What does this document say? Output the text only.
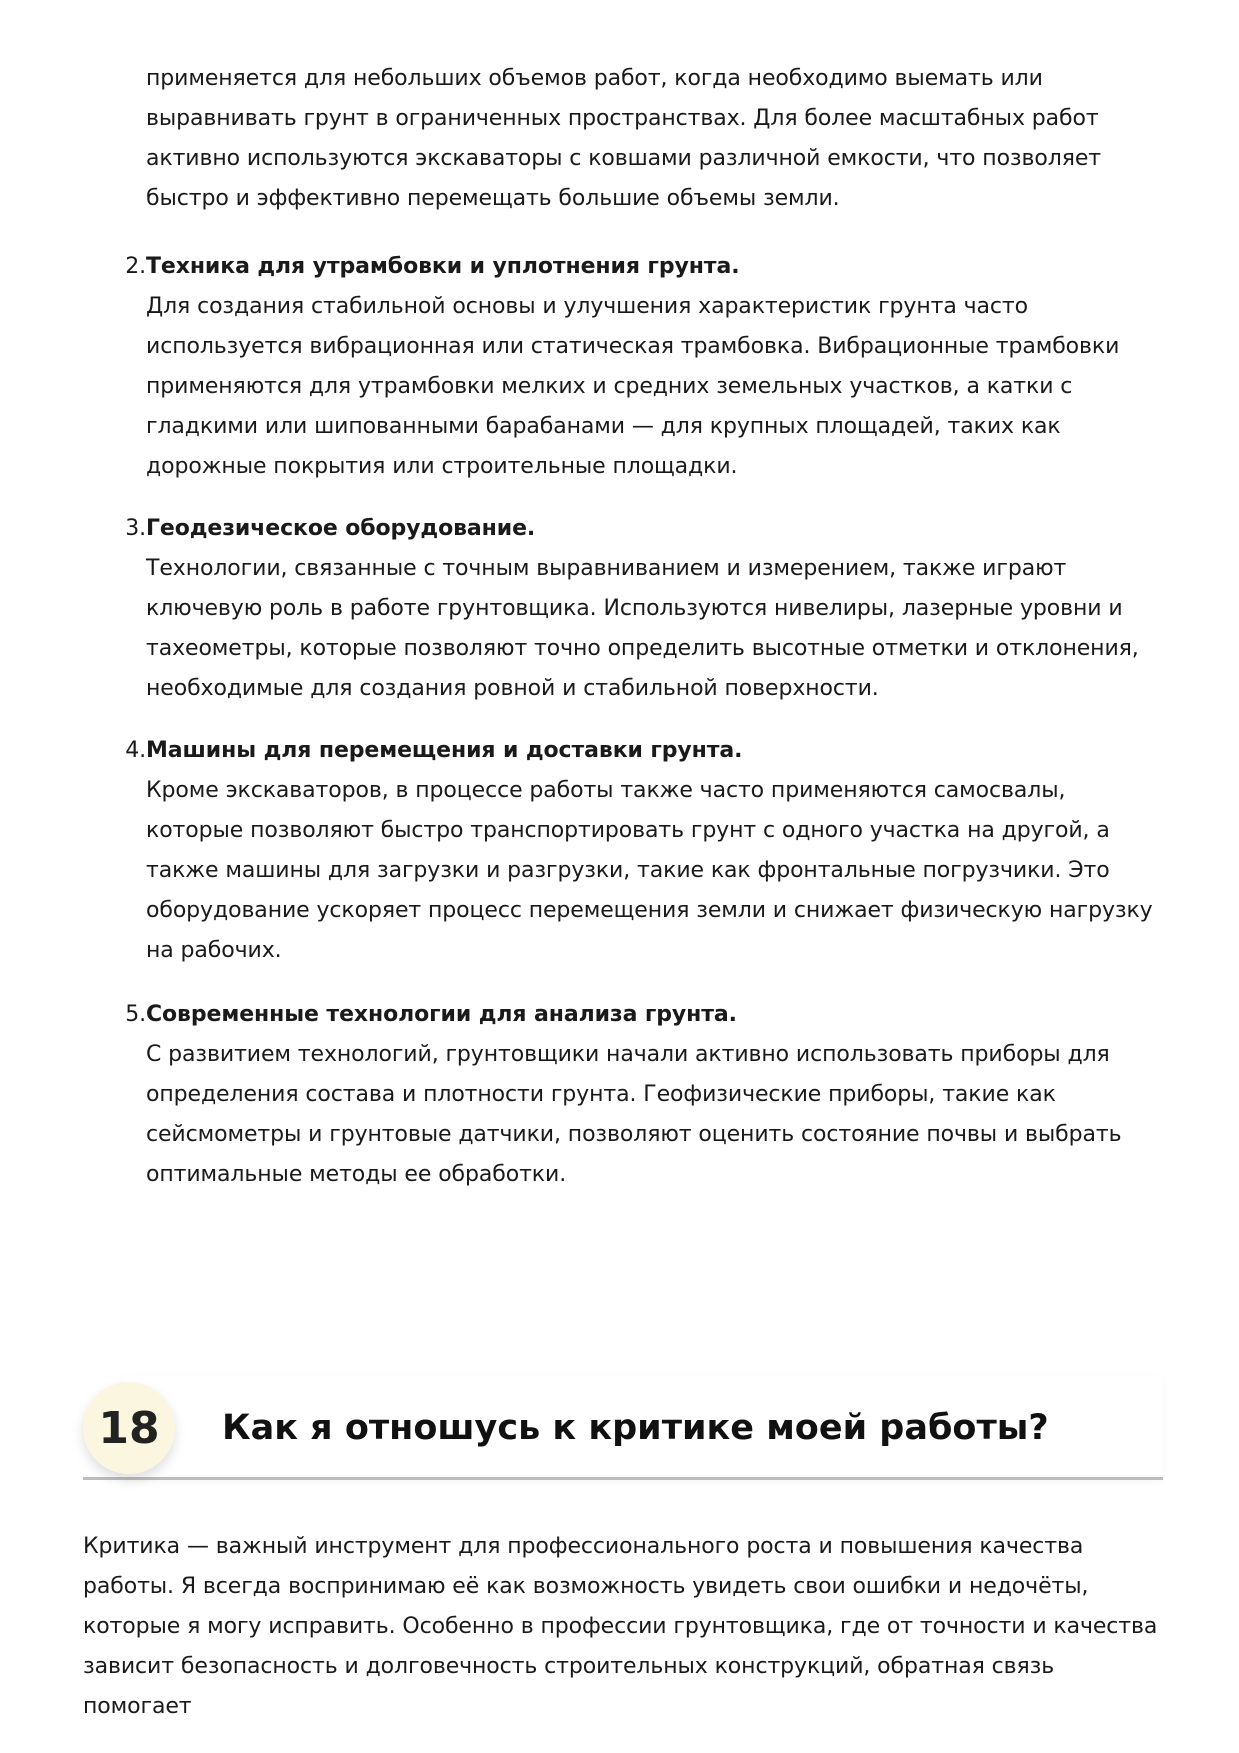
применяется для небольших объемов работ, когда необходимо выемать или выравнивать грунт в ограниченных пространствах. Для более масштабных работ активно используются экскаваторы с ковшами различной емкости, что позволяет быстро и эффективно перемещать большие объемы земли.

2. Техника для утрамбовки и уплотнения грунта.

Для создания стабильной основы и улучшения характеристик грунта часто используется вибрационная или статическая трамбовка. Вибрационные трамбовки применяются для утрамбовки мелких и средних земельных участков, а катки с гладкими или шипованными барабанами — для крупных площадей, таких как дорожные покрытия или строительные площадки.

3. Геодезическое оборудование.

Технологии, связанные с точным выравниванием и измерением, также играют ключевую роль в работе грунтовщика. Используются нивелиры, лазерные уровни и тахеометры, которые позволяют точно определить высотные отметки и отклонения, необходимые для создания ровной и стабильной поверхности.

4. Машины для перемещения и доставки грунта.

Кроме экскаваторов, в процессе работы также часто применяются самосвалы, которые позволяют быстро транспортировать грунт с одного участка на другой, а также машины для загрузки и разгрузки, такие как фронтальные погрузчики. Это оборудование ускоряет процесс перемещения земли и снижает физическую нагрузку на рабочих.

5. Современные технологии для анализа грунта.

С развитием технологий, грунтовщики начали активно использовать приборы для определения состава и плотности грунта. Геофизические приборы, такие как сейсмометры и грунтовые датчики, позволяют оценить состояние почвы и выбрать оптимальные методы ее обработки.

18	Как я отношусь к критике моей работы?

Критика — важный инструмент для профессионального роста и повышения качества работы. Я всегда воспринимаю её как возможность увидеть свои ошибки и недочёты, которые я могу исправить. Особенно в профессии грунтовщика, где от точности и качества зависит безопасность и долговечность строительных конструкций, обратная связь помогает
